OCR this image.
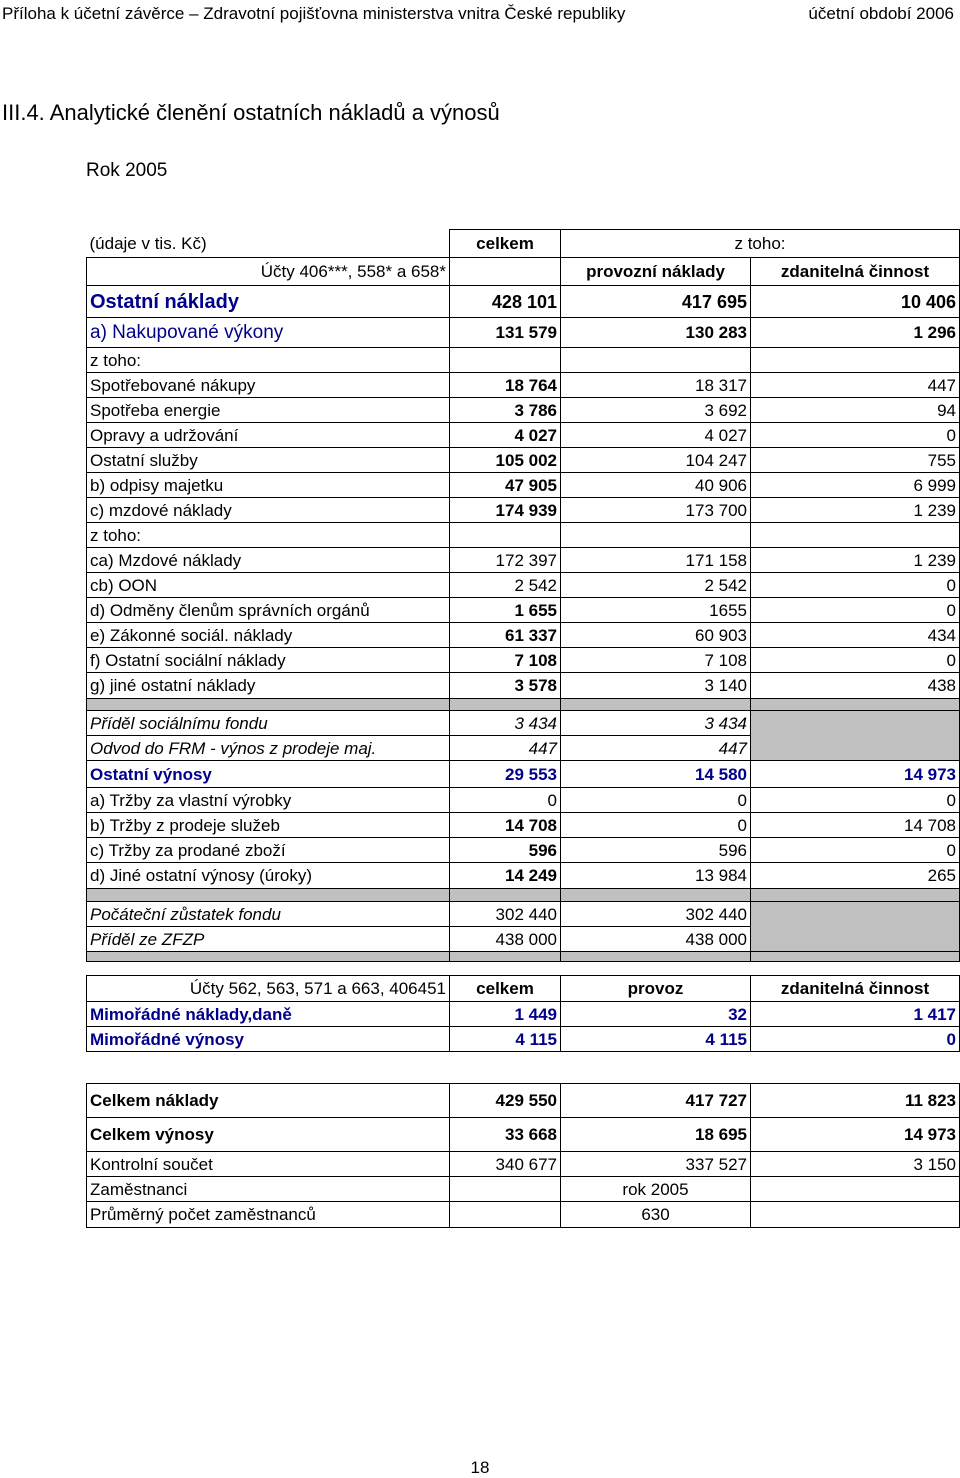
Příloha k účetní závěrce – Zdravotní pojišťovna ministerstva vnitra České republiky	účetní období 2006
III.4. Analytické členění ostatních nákladů a výnosů
Rok 2005
(údaje v tis. Kč)	celkem	z toho:	
Účty 406***, 558* a 658*		provozní náklady	zdanitelná činnost
Ostatní náklady	428 101	417 695	10 406
a) Nakupované výkony	131 579	130 283	1 296
z toho:			
Spotřebované nákupy	18 764	18 317	447
Spotřeba energie	3 786	3 692	94
Opravy a udržování	4 027	4 027	0
Ostatní služby	105 002	104 247	755
b) odpisy majetku	47 905	40 906	6 999
c) mzdové náklady	174 939	173 700	1 239
z toho:			
ca) Mzdové náklady	172 397	171 158	1 239
cb) OON	2 542	2 542	0
d) Odměny členům správních orgánů	1 655	1655	0
e) Zákonné sociál. náklady	61 337	60 903	434
f) Ostatní sociální náklady	7 108	7 108	0
g) jiné ostatní náklady	3 578	3 140	438

Příděl sociálnímu fondu	3 434	3 434	
Odvod do FRM - výnos z prodeje maj.	447	447	
Ostatní výnosy	29 553	14 580	14 973
a) Tržby za vlastní výrobky	0	0	0
b) Tržby z prodeje služeb	14 708	0	14 708
c) Tržby za prodané zboží	596	596	0
d) Jiné ostatní výnosy (úroky)	14 249	13 984	265

Počáteční zůstatek fondu	302 440	302 440	
Příděl ze ZFZP	438 000	438 000	

Účty 562, 563, 571 a 663, 406451	celkem	provoz	zdanitelná činnost
Mimořádné náklady,daně	1 449	32	1 417
Mimořádné výnosy	4 115	4 115	0

Celkem náklady	429 550	417 727	11 823
Celkem výnosy	33 668	18 695	14 973
Kontrolní součet	340 677	337 527	3 150
Zaměstnanci		rok 2005	
Průměrný počet zaměstnanců		630	
18
